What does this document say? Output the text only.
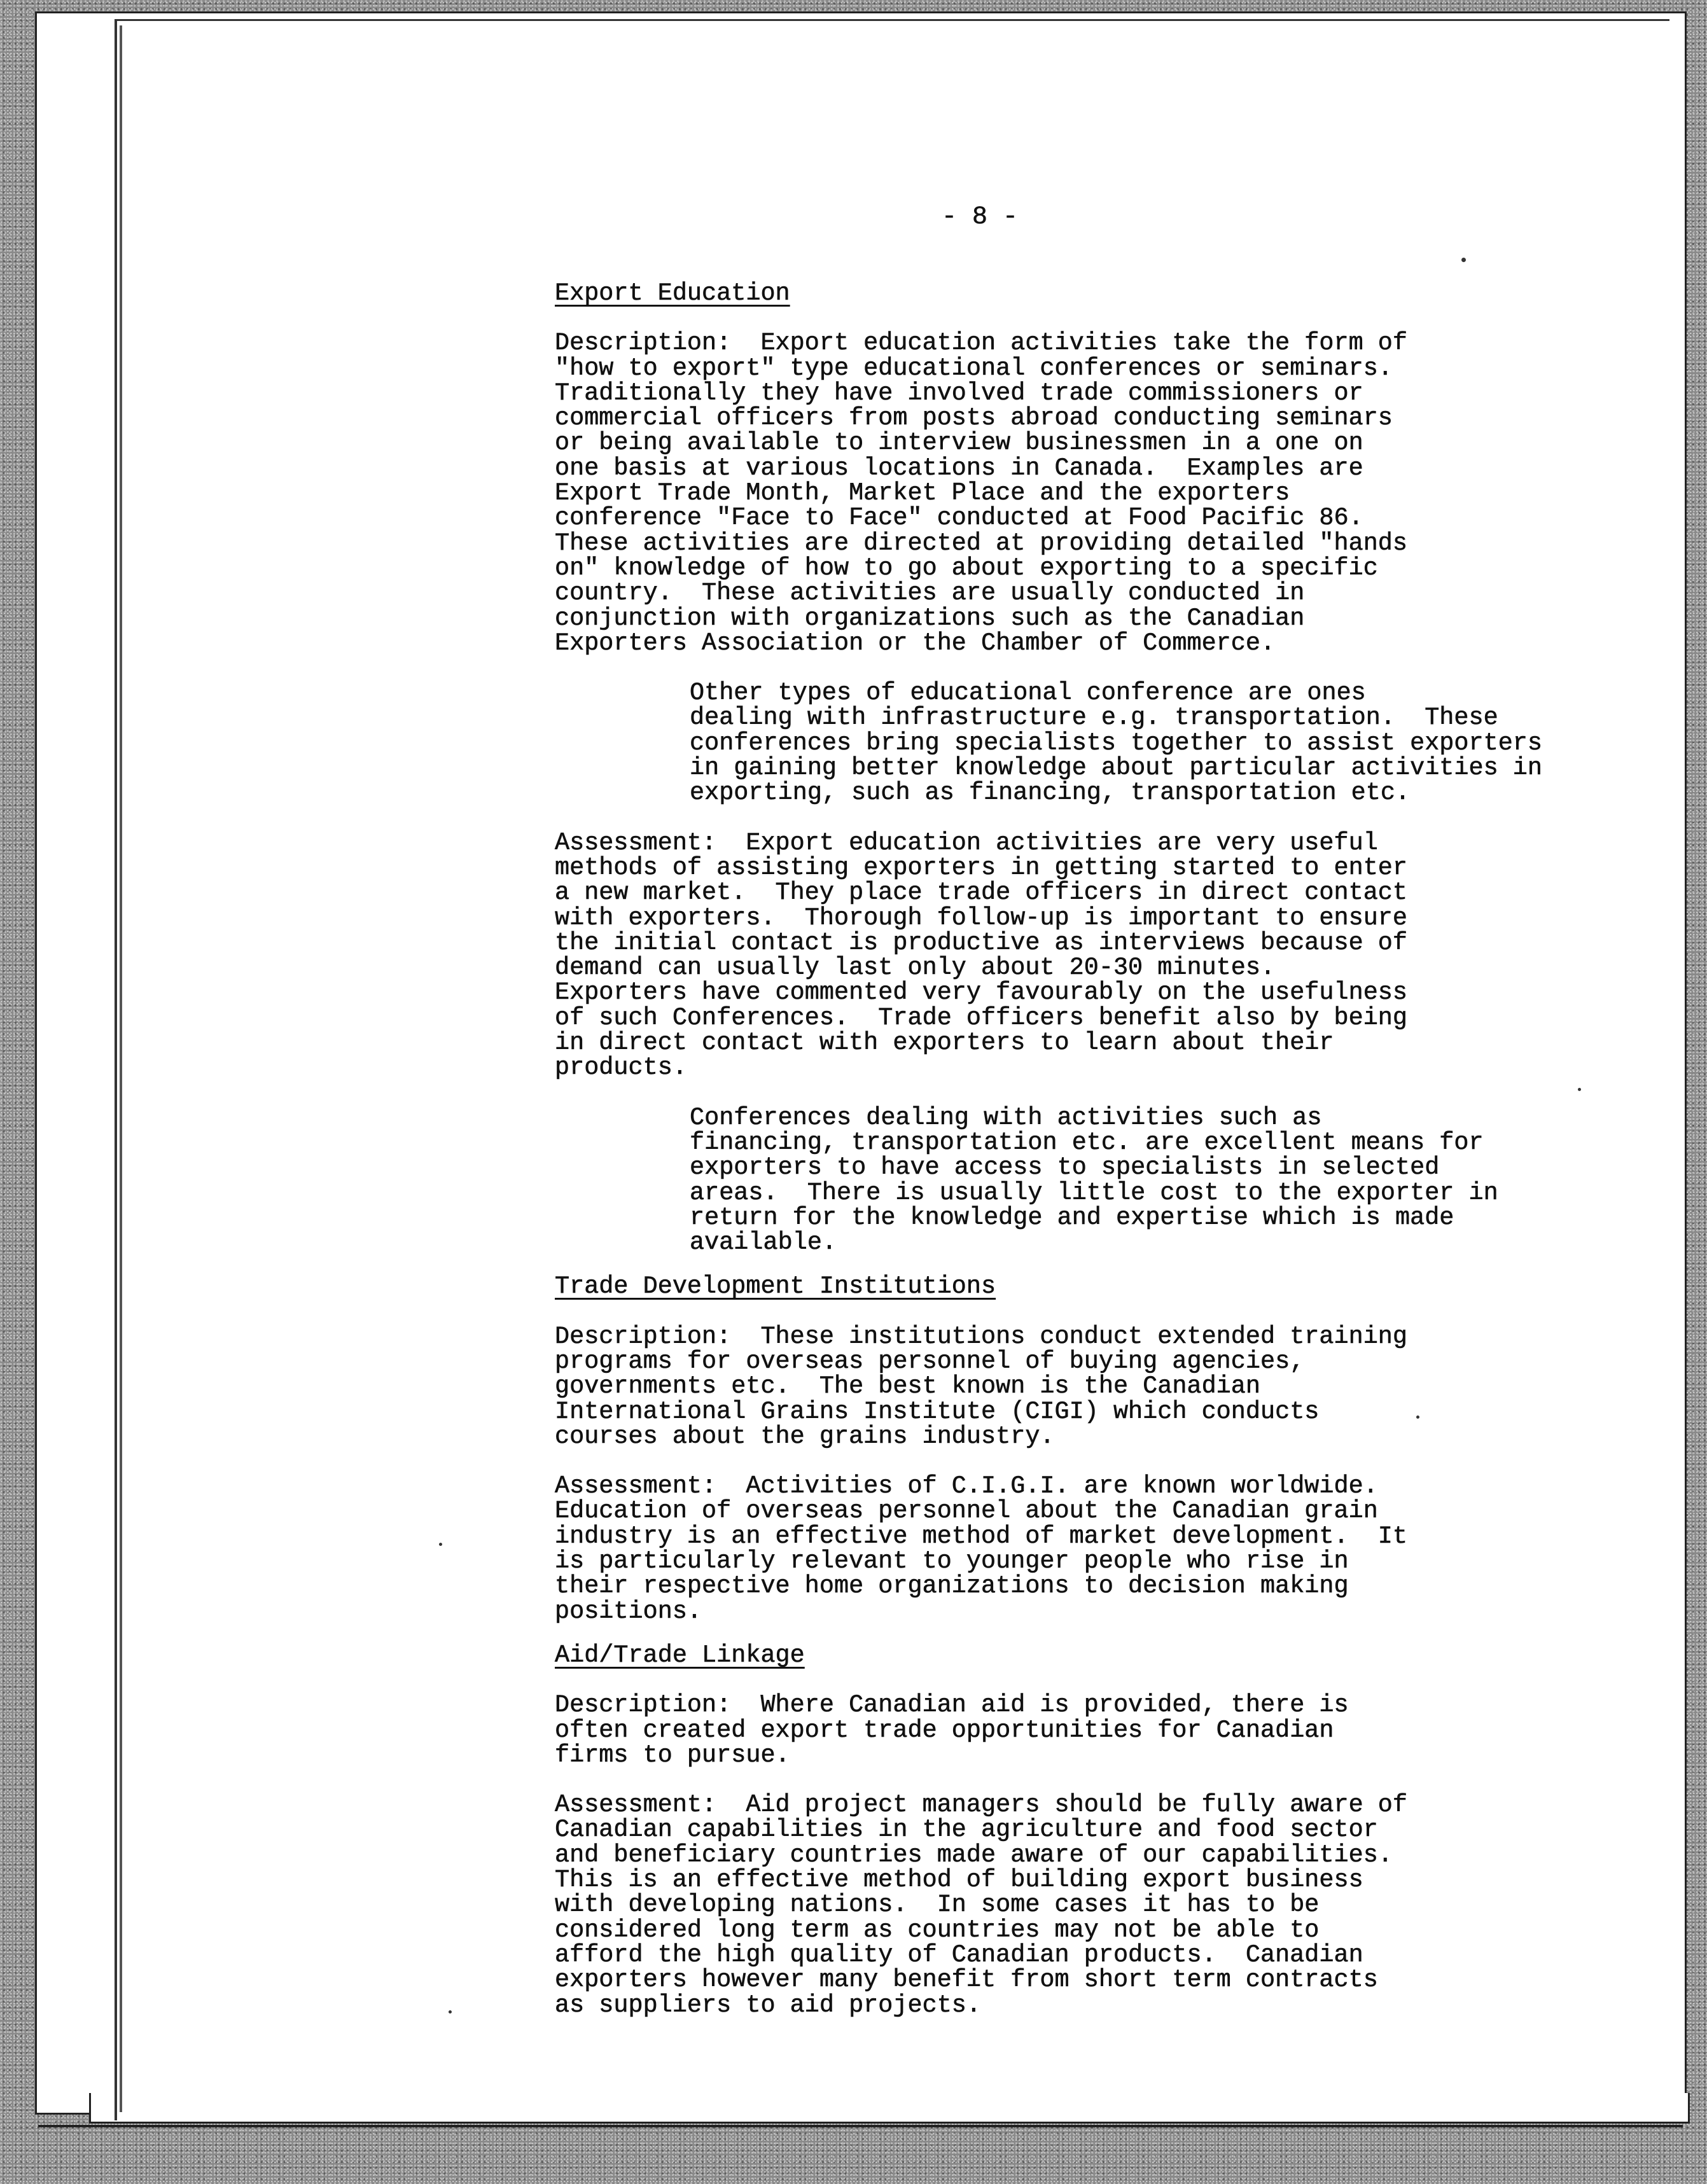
- 8 -
Export Education

Description:  Export education activities take the form of
"how to export" type educational conferences or seminars.
Traditionally they have involved trade commissioners or
commercial officers from posts abroad conducting seminars
or being available to interview businessmen in a one on
one basis at various locations in Canada.  Examples are
Export Trade Month, Market Place and the exporters
conference "Face to Face" conducted at Food Pacific 86.
These activities are directed at providing detailed "hands
on" knowledge of how to go about exporting to a specific
country.  These activities are usually conducted in
conjunction with organizations such as the Canadian
Exporters Association or the Chamber of Commerce.

Other types of educational conference are ones
dealing with infrastructure e.g. transportation.  These
conferences bring specialists together to assist exporters
in gaining better knowledge about particular activities in
exporting, such as financing, transportation etc.

Assessment:  Export education activities are very useful
methods of assisting exporters in getting started to enter
a new market.  They place trade officers in direct contact
with exporters.  Thorough follow-up is important to ensure
the initial contact is productive as interviews because of
demand can usually last only about 20-30 minutes.
Exporters have commented very favourably on the usefulness
of such Conferences.  Trade officers benefit also by being
in direct contact with exporters to learn about their
products.

Conferences dealing with activities such as
financing, transportation etc. are excellent means for
exporters to have access to specialists in selected
areas.  There is usually little cost to the exporter in
return for the knowledge and expertise which is made
available.

Trade Development Institutions

Description:  These institutions conduct extended training
programs for overseas personnel of buying agencies,
governments etc.  The best known is the Canadian
International Grains Institute (CIGI) which conducts
courses about the grains industry.

Assessment:  Activities of C.I.G.I. are known worldwide.
Education of overseas personnel about the Canadian grain
industry is an effective method of market development.  It
is particularly relevant to younger people who rise in
their respective home organizations to decision making
positions.

Aid/Trade Linkage

Description:  Where Canadian aid is provided, there is
often created export trade opportunities for Canadian
firms to pursue.

Assessment:  Aid project managers should be fully aware of
Canadian capabilities in the agriculture and food sector
and beneficiary countries made aware of our capabilities.
This is an effective method of building export business
with developing nations.  In some cases it has to be
considered long term as countries may not be able to
afford the high quality of Canadian products.  Canadian
exporters however many benefit from short term contracts
as suppliers to aid projects.
